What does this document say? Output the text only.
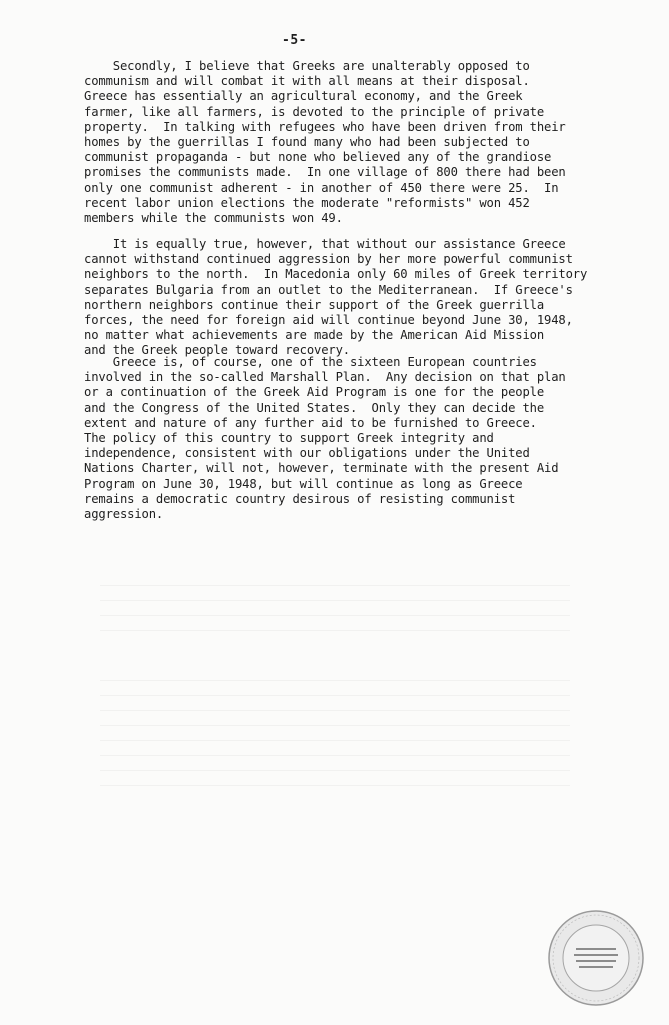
-5-

Secondly, I believe that Greeks are unalterably opposed to
communism and will combat it with all means at their disposal.
Greece has essentially an agricultural economy, and the Greek
farmer, like all farmers, is devoted to the principle of private
property.  In talking with refugees who have been driven from their
homes by the guerrillas I found many who had been subjected to
communist propaganda - but none who believed any of the grandiose
promises the communists made.  In one village of 800 there had been
only one communist adherent - in another of 450 there were 25.  In
recent labor union elections the moderate "reformists" won 452
members while the communists won 49.

It is equally true, however, that without our assistance Greece
cannot withstand continued aggression by her more powerful communist
neighbors to the north.  In Macedonia only 60 miles of Greek territory
separates Bulgaria from an outlet to the Mediterranean.  If Greece's
northern neighbors continue their support of the Greek guerrilla
forces, the need for foreign aid will continue beyond June 30, 1948,
no matter what achievements are made by the American Aid Mission
and the Greek people toward recovery.

Greece is, of course, one of the sixteen European countries
involved in the so-called Marshall Plan.  Any decision on that plan
or a continuation of the Greek Aid Program is one for the people
and the Congress of the United States.  Only they can decide the
extent and nature of any further aid to be furnished to Greece.
The policy of this country to support Greek integrity and
independence, consistent with our obligations under the United
Nations Charter, will not, however, terminate with the present Aid
Program on June 30, 1948, but will continue as long as Greece
remains a democratic country desirous of resisting communist
aggression.
